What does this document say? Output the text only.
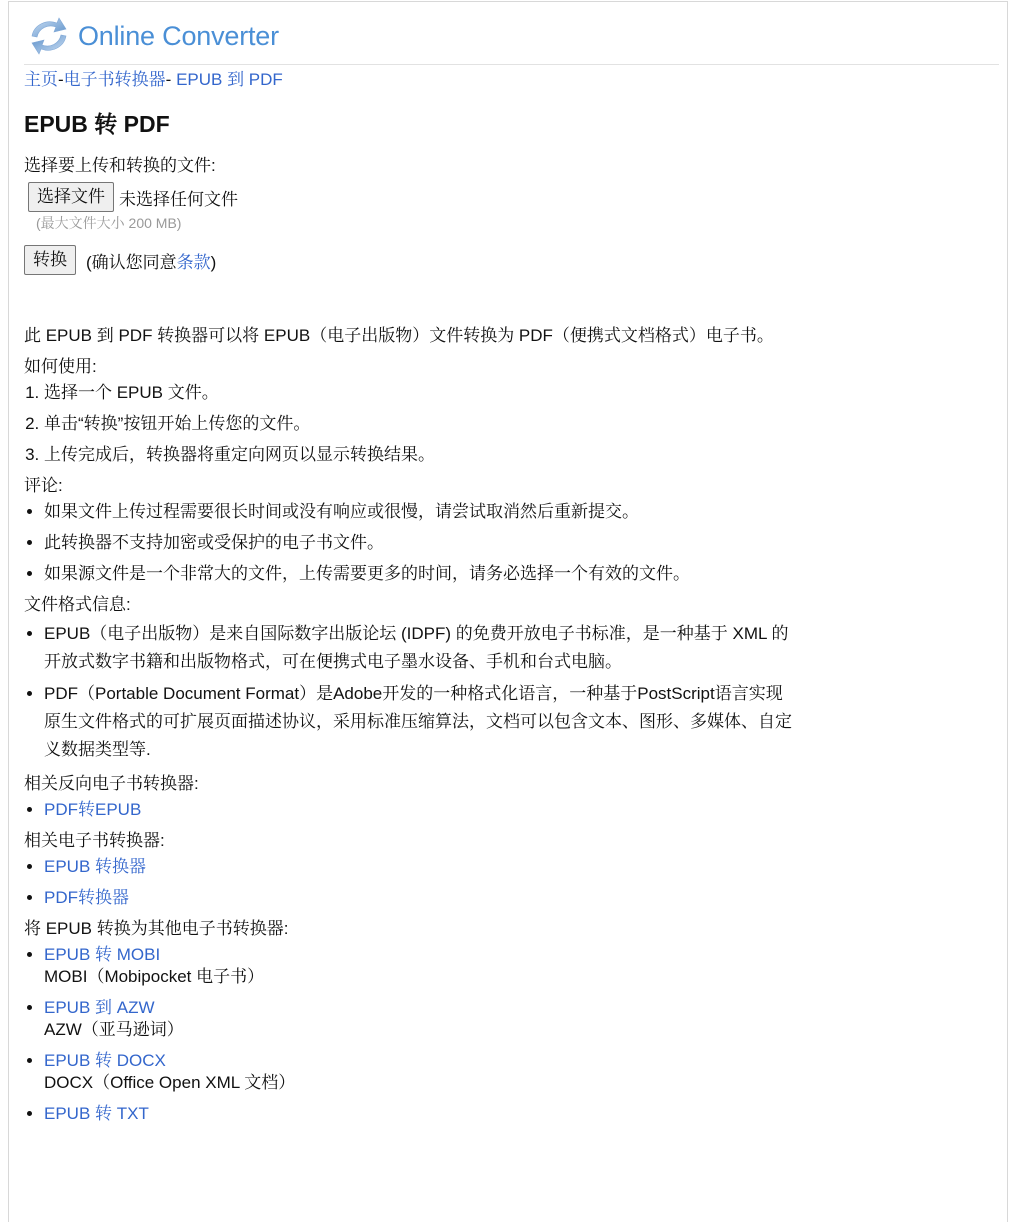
Online Converter
主页-电子书转换器- EPUB 到 PDF
EPUB 转 PDF
选择要上传和转换的文件:
选择文件 未选择任何文件
(最大文件大小 200 MB)
转换	(确认您同意条款)

此 EPUB 到 PDF 转换器可以将 EPUB（电子出版物）文件转换为 PDF（便携式文档格式）电子书。

如何使用:

1. 选择一个 EPUB 文件。
2. 单击“转换”按钮开始上传您的文件。
3. 上传完成后，转换器将重定向网页以显示转换结果。

评论:

• 如果文件上传过程需要很长时间或没有响应或很慢，请尝试取消然后重新提交。
• 此转换器不支持加密或受保护的电子书文件。
• 如果源文件是一个非常大的文件，上传需要更多的时间，请务必选择一个有效的文件。

文件格式信息:

• EPUB（电子出版物）是来自国际数字出版论坛 (IDPF) 的免费开放电子书标准，是一种基于 XML 的开放式数字书籍和出版物格式，可在便携式电子墨水设备、手机和台式电脑。
• PDF（Portable Document Format）是Adobe开发的一种格式化语言，一种基于PostScript语言实现原生文件格式的可扩展页面描述协议，采用标准压缩算法，文档可以包含文本、图形、多媒体、自定义数据类型等.

相关反向电子书转换器:

• PDF转EPUB

相关电子书转换器:

• EPUB 转换器
• PDF转换器

将 EPUB 转换为其他电子书转换器:

• EPUB 转 MOBI
MOBI（Mobipocket 电子书）
• EPUB 到 AZW
AZW（亚马逊词）
• EPUB 转 DOCX
DOCX（Office Open XML 文档）
• EPUB 转 TXT
